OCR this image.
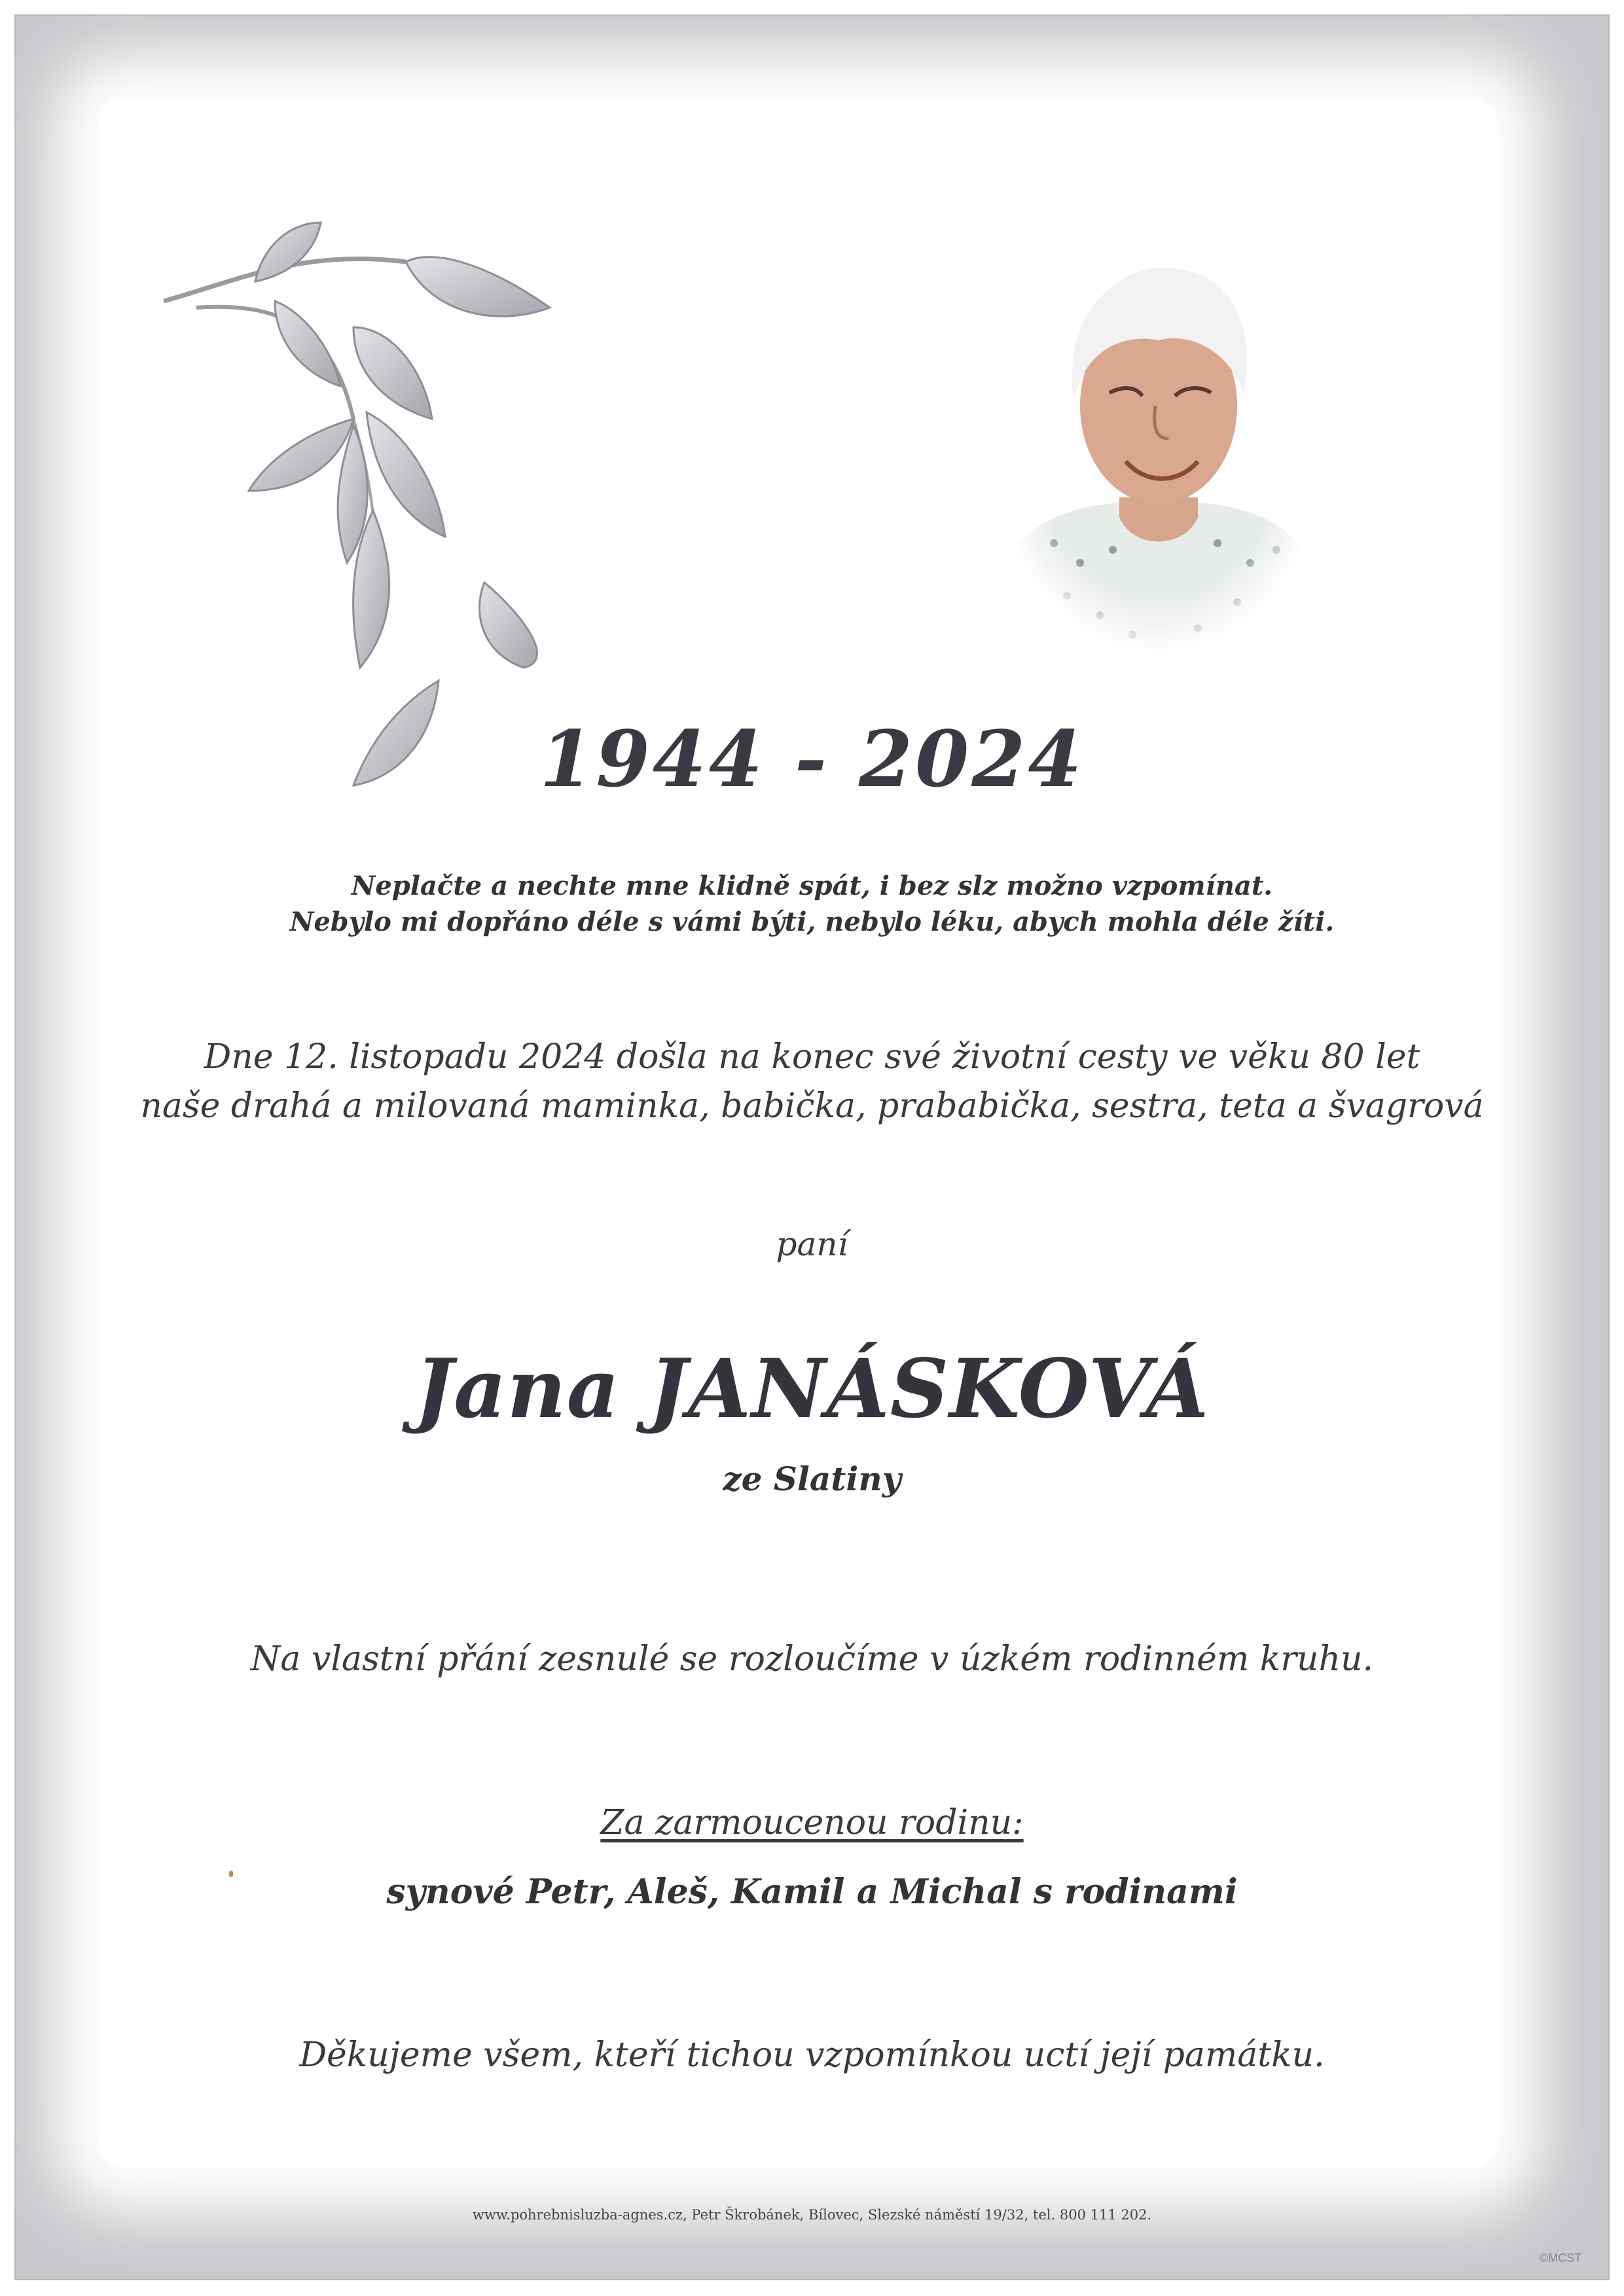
1944 - 2024
Neplačte a nechte mne klidně spát, i bez slz možno vzpomínat.
Nebylo mi dopřáno déle s vámi býti, nebylo léku, abych mohla déle žíti.
Dne 12. listopadu 2024 došla na konec své životní cesty ve věku 80 let
naše drahá a milovaná maminka, babička, prababička, sestra, teta a švagrová
paní
Jana JANÁSKOVÁ
ze Slatiny
Na vlastní přání zesnulé se rozloučíme v úzkém rodinném kruhu.
Za zarmoucenou rodinu:
synové Petr, Aleš, Kamil a Michal s rodinami
Děkujeme všem, kteří tichou vzpomínkou uctí její památku.
www.pohrebnisluzba-agnes.cz, Petr Škrobánek, Bílovec, Slezské náměstí 19/32, tel. 800 111 202.
©MCST
